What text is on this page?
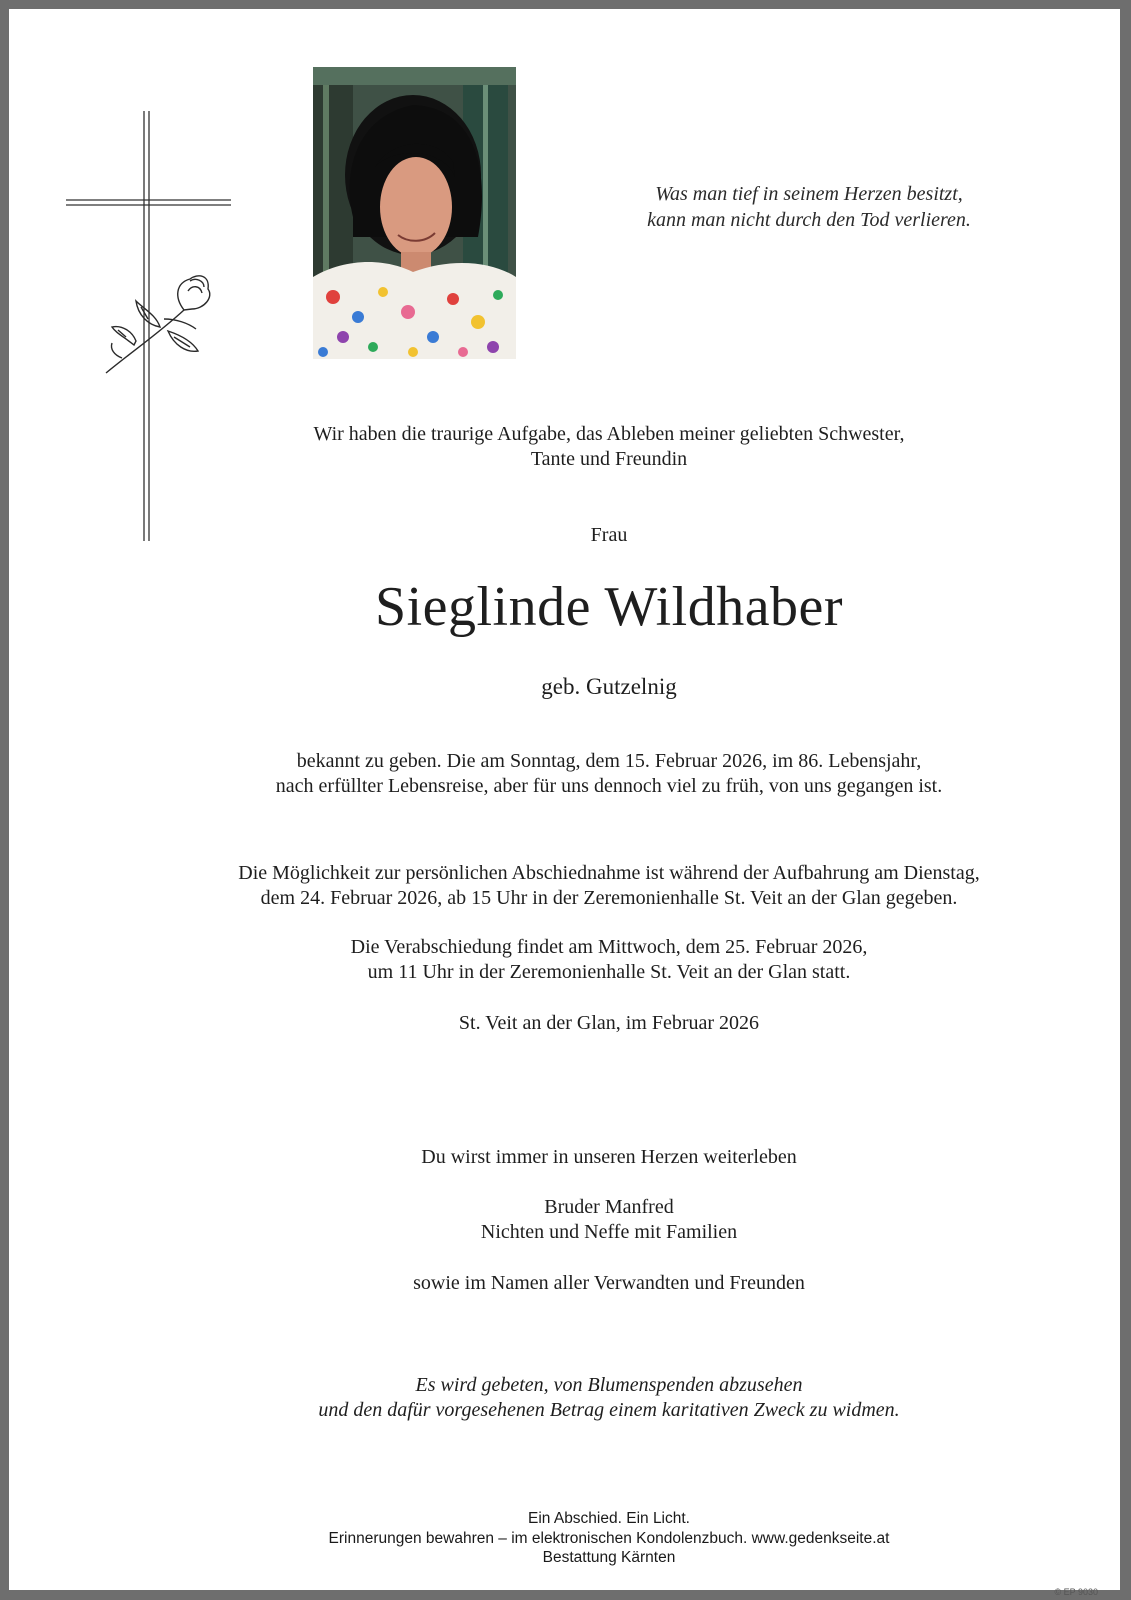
Was man tief in seinem Herzen besitzt,
kann man nicht durch den Tod verlieren.
Wir haben die traurige Aufgabe, das Ableben meiner geliebten Schwester,
Tante und Freundin
Frau
Sieglinde Wildhaber
geb. Gutzelnig
bekannt zu geben. Die am Sonntag, dem 15. Februar 2026, im 86. Lebensjahr,
nach erfüllter Lebensreise, aber für uns dennoch viel zu früh, von uns gegangen ist.
Die Möglichkeit zur persönlichen Abschiednahme ist während der Aufbahrung am Dienstag,
dem 24. Februar 2026, ab 15 Uhr in der Zeremonienhalle St. Veit an der Glan gegeben.
Die Verabschiedung findet am Mittwoch, dem 25. Februar 2026,
um 11 Uhr in der Zeremonienhalle St. Veit an der Glan statt.
St. Veit an der Glan, im Februar 2026
Du wirst immer in unseren Herzen weiterleben
Bruder Manfred
Nichten und Neffe mit Familien
sowie im Namen aller Verwandten und Freunden
Es wird gebeten, von Blumenspenden abzusehen
und den dafür vorgesehenen Betrag einem karitativen Zweck zu widmen.
Ein Abschied. Ein Licht.
Erinnerungen bewahren – im elektronischen Kondolenzbuch. www.gedenkseite.at
Bestattung Kärnten
© EP 9030
